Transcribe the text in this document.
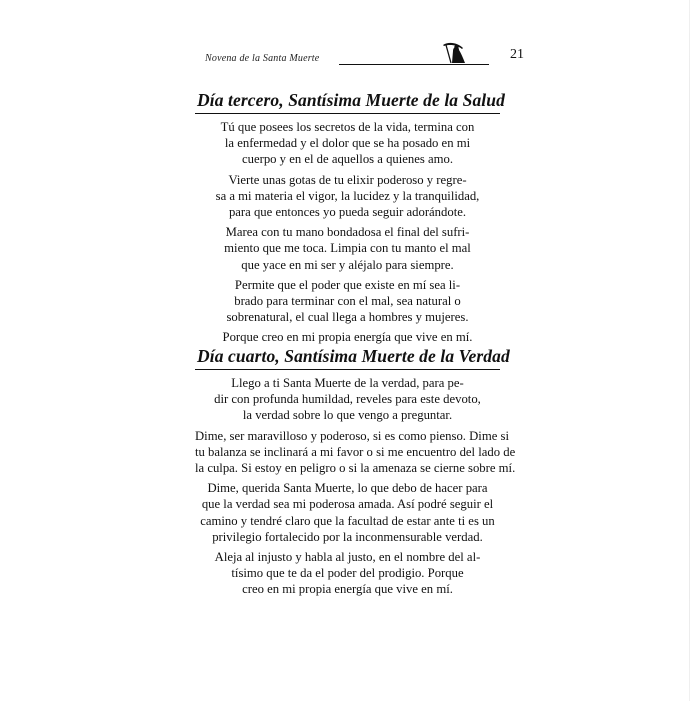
Novena de la Santa Muerte	21
Día tercero, Santísima Muerte de la Salud
Tú que posees los secretos de la vida, termina con
la enfermedad y el dolor que se ha posado en mi
cuerpo y en el de aquellos a quienes amo.
Vierte unas gotas de tu elixir poderoso y regre-
sa a mi materia el vigor, la lucidez y la tranquilidad,
para que entonces yo pueda seguir adorándote.
Marea con tu mano bondadosa el final del sufri-
miento que me toca. Limpia con tu manto el mal
que yace en mi ser y aléjalo para siempre.
Permite que el poder que existe en mí sea li-
brado para terminar con el mal, sea natural o
sobrenatural, el cual llega a hombres y mujeres.
Porque creo en mi propia energía que vive en mí.
Día cuarto, Santísima Muerte de la Verdad
Llego a ti Santa Muerte de la verdad, para pe-
dir con profunda humildad, reveles para este devoto,
la verdad sobre lo que vengo a preguntar.
Dime, ser maravilloso y poderoso, si es como pienso. Dime si
tu balanza se inclinará a mi favor o si me encuentro del lado de
la culpa. Si estoy en peligro o si la amenaza se cierne sobre mí.
Dime, querida Santa Muerte, lo que debo de hacer para
que la verdad sea mi poderosa amada. Así podré seguir el
camino y tendré claro que la facultad de estar ante ti es un
privilegio fortalecido por la inconmensurable verdad.
Aleja al injusto y habla al justo, en el nombre del al-
tísimo que te da el poder del prodigio. Porque
creo en mi propia energía que vive en mí.
